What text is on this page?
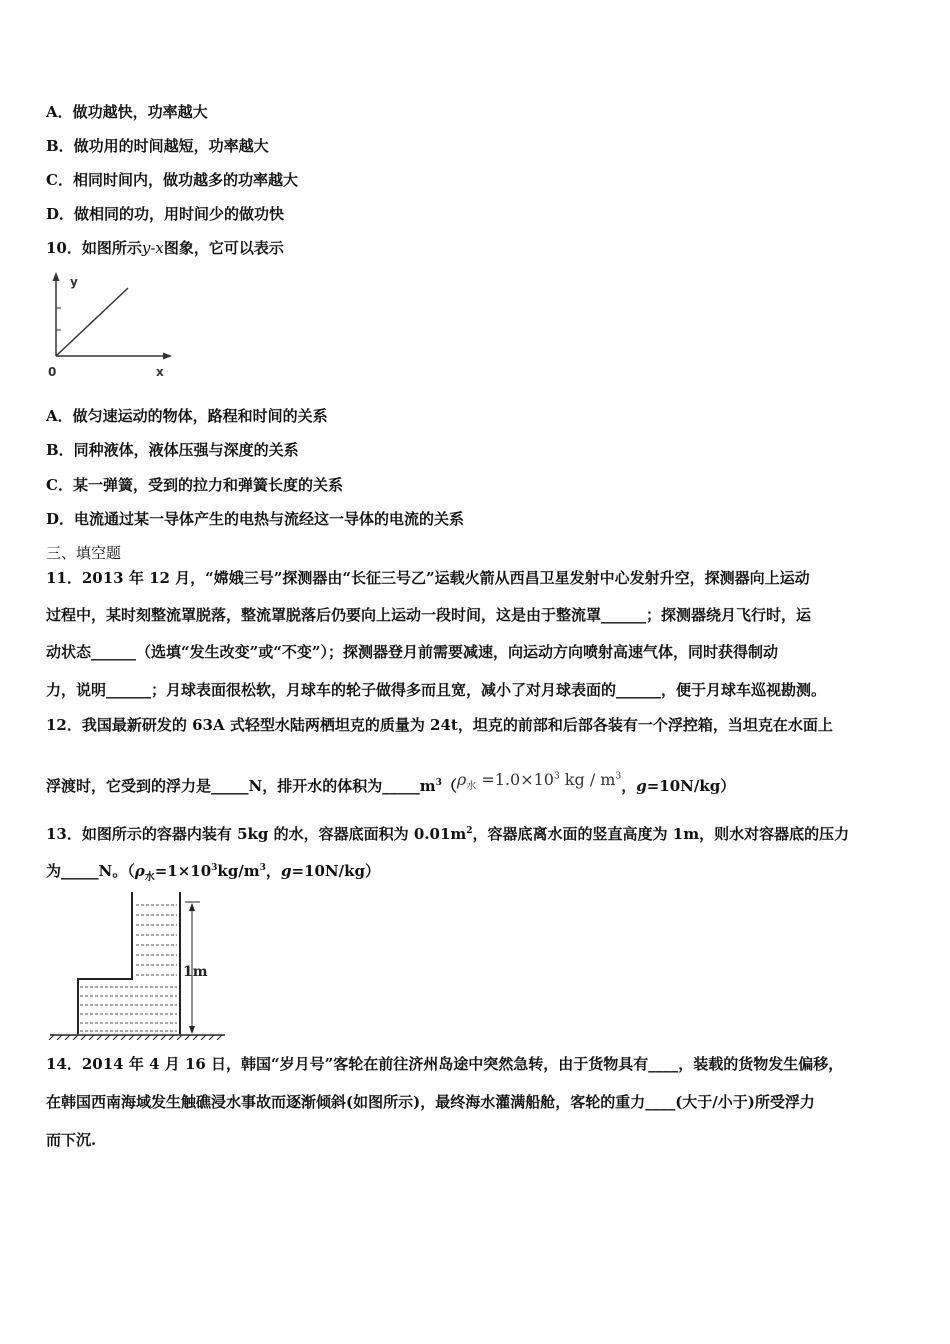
A．做功越快，功率越大
B．做功用的时间越短，功率越大
C．相同时间内，做功越多的功率越大
D．做相同的功，用时间少的做功快
10．如图所示y-x图象，它可以表示
y
x
0
A．做匀速运动的物体，路程和时间的关系
B．同种液体，液体压强与深度的关系
C．某一弹簧，受到的拉力和弹簧长度的关系
D．电流通过某一导体产生的电热与流经这一导体的电流的关系
三、填空题
11．2013 年 12 月，“嫦娥三号”探测器由“长征三号乙”运载火箭从西昌卫星发射中心发射升空，探测器向上运动
过程中，某时刻整流罩脱落，整流罩脱落后仍要向上运动一段时间，这是由于整流罩______；探测器绕月飞行时，运
动状态______（选填“发生改变”或“不变”）；探测器登月前需要减速，向运动方向喷射高速气体，同时获得制动
力，说明______；月球表面很松软，月球车的轮子做得多而且宽，减小了对月球表面的______，便于月球车巡视勘测。
12．我国最新研发的 63A 式轻型水陆两栖坦克的质量为 24t，坦克的前部和后部各装有一个浮控箱，当坦克在水面上
浮渡时，它受到的浮力是_____N，排开水的体积为$\_\_\_\_\_m^3(\rho_水 =1.0\times 10^3$ kg / $m^3$，g=10N/kg）
13．如图所示的容器内装有 5kg 的水，容器底面积为 $0.01m^2$，容器底离水面的竖直高度为 1m，则水对容器底的压力
为_____N。（$\rho_水=1\times 10^3kg/m^3$，g=10N/kg）
1m
14．2014 年 4 月 16 日，韩国“岁月号”客轮在前往济州岛途中突然急转，由于货物具有____，装载的货物发生偏移，
在韩国西南海域发生触礁浸水事故而逐渐倾斜(如图所示)，最终海水灌满船舱，客轮的重力____(大于/小于)所受浮力
而下沉.
